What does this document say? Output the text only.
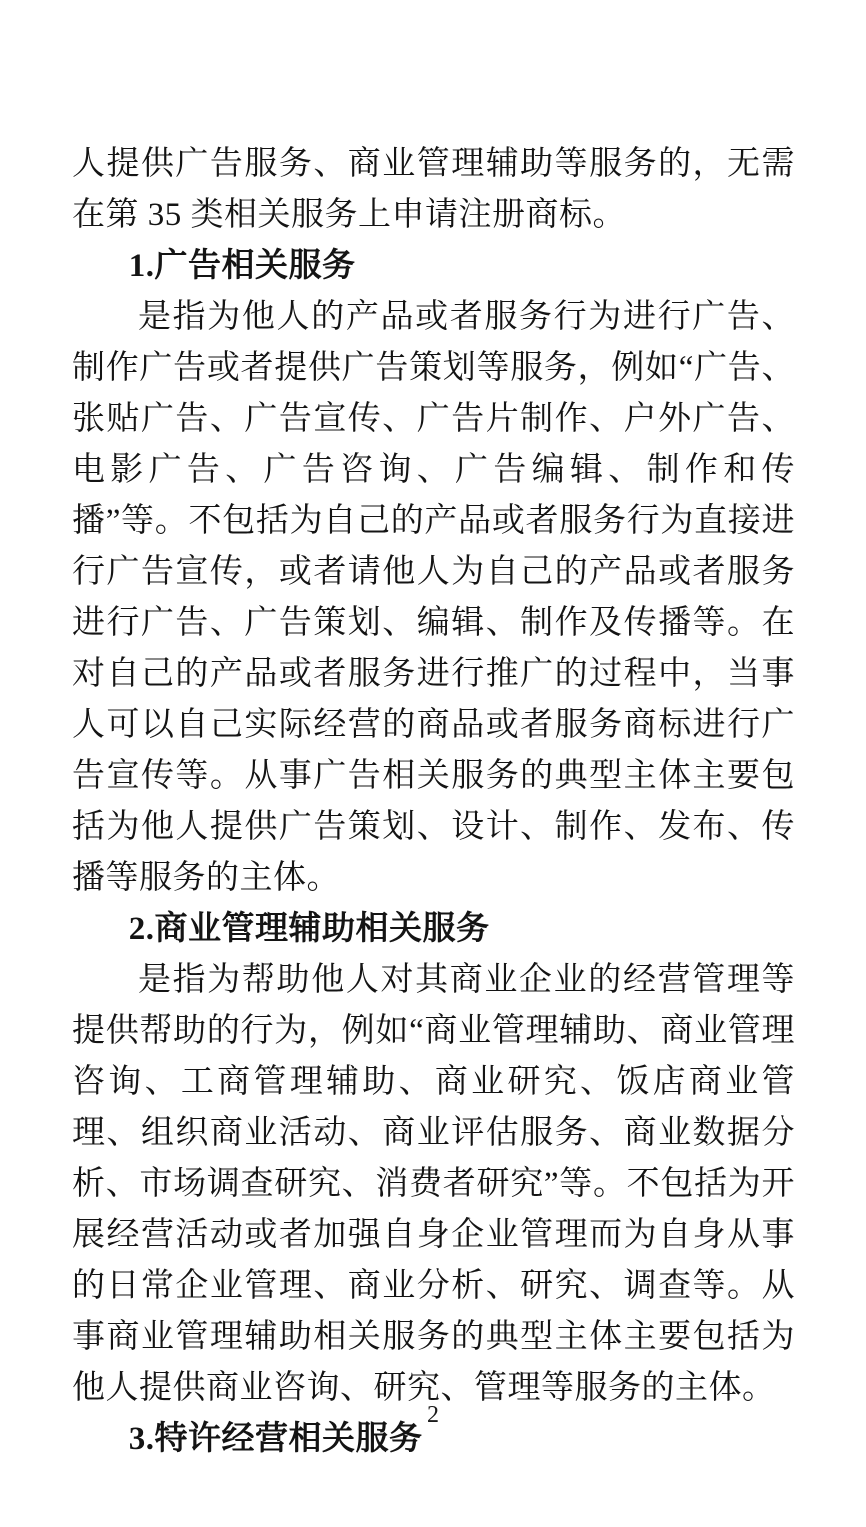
人提供广告服务、商业管理辅助等服务的，无需在第 35 类相关服务上申请注册商标。

1.广告相关服务

是指为他人的产品或者服务行为进行广告、制作广告或者提供广告策划等服务，例如“广告、张贴广告、广告宣传、广告片制作、户外广告、电影广告、广告咨询、广告编辑、制作和传播”等。不包括为自己的产品或者服务行为直接进行广告宣传，或者请他人为自己的产品或者服务进行广告、广告策划、编辑、制作及传播等。在对自己的产品或者服务进行推广的过程中，当事人可以自己实际经营的商品或者服务商标进行广告宣传等。从事广告相关服务的典型主体主要包括为他人提供广告策划、设计、制作、发布、传播等服务的主体。

2.商业管理辅助相关服务

是指为帮助他人对其商业企业的经营管理等提供帮助的行为，例如“商业管理辅助、商业管理咨询、工商管理辅助、商业研究、饭店商业管理、组织商业活动、商业评估服务、商业数据分析、市场调查研究、消费者研究”等。不包括为开展经营活动或者加强自身企业管理而为自身从事的日常企业管理、商业分析、研究、调查等。从事商业管理辅助相关服务的典型主体主要包括为他人提供商业咨询、研究、管理等服务的主体。

3.特许经营相关服务

2
